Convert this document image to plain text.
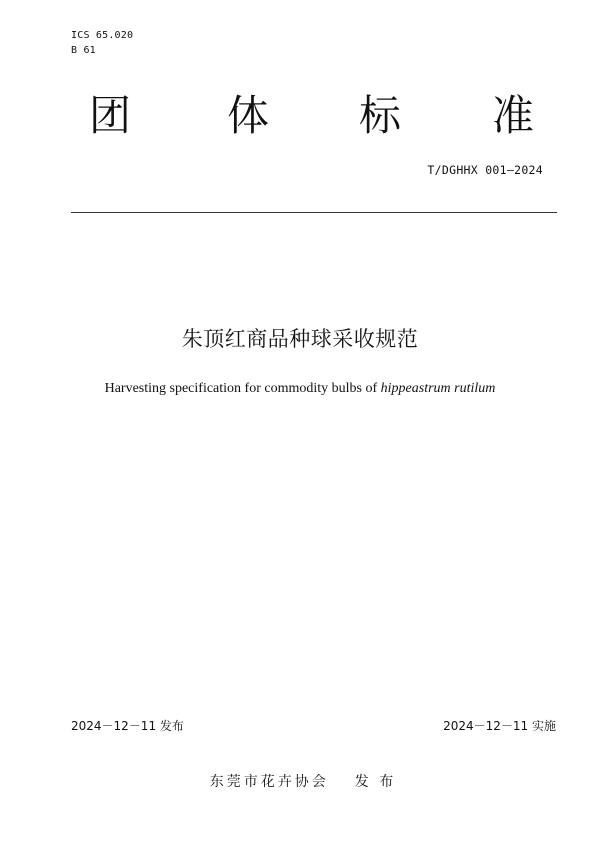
ICS 65.020
B 61
团 体 标 准
T/DGHHX 001—2024
朱顶红商品种球采收规范
Harvesting specification for commodity bulbs of hippeastrum rutilum
2024－12－11 发布	2024－12－11 实施
东莞市花卉协会 发 布
